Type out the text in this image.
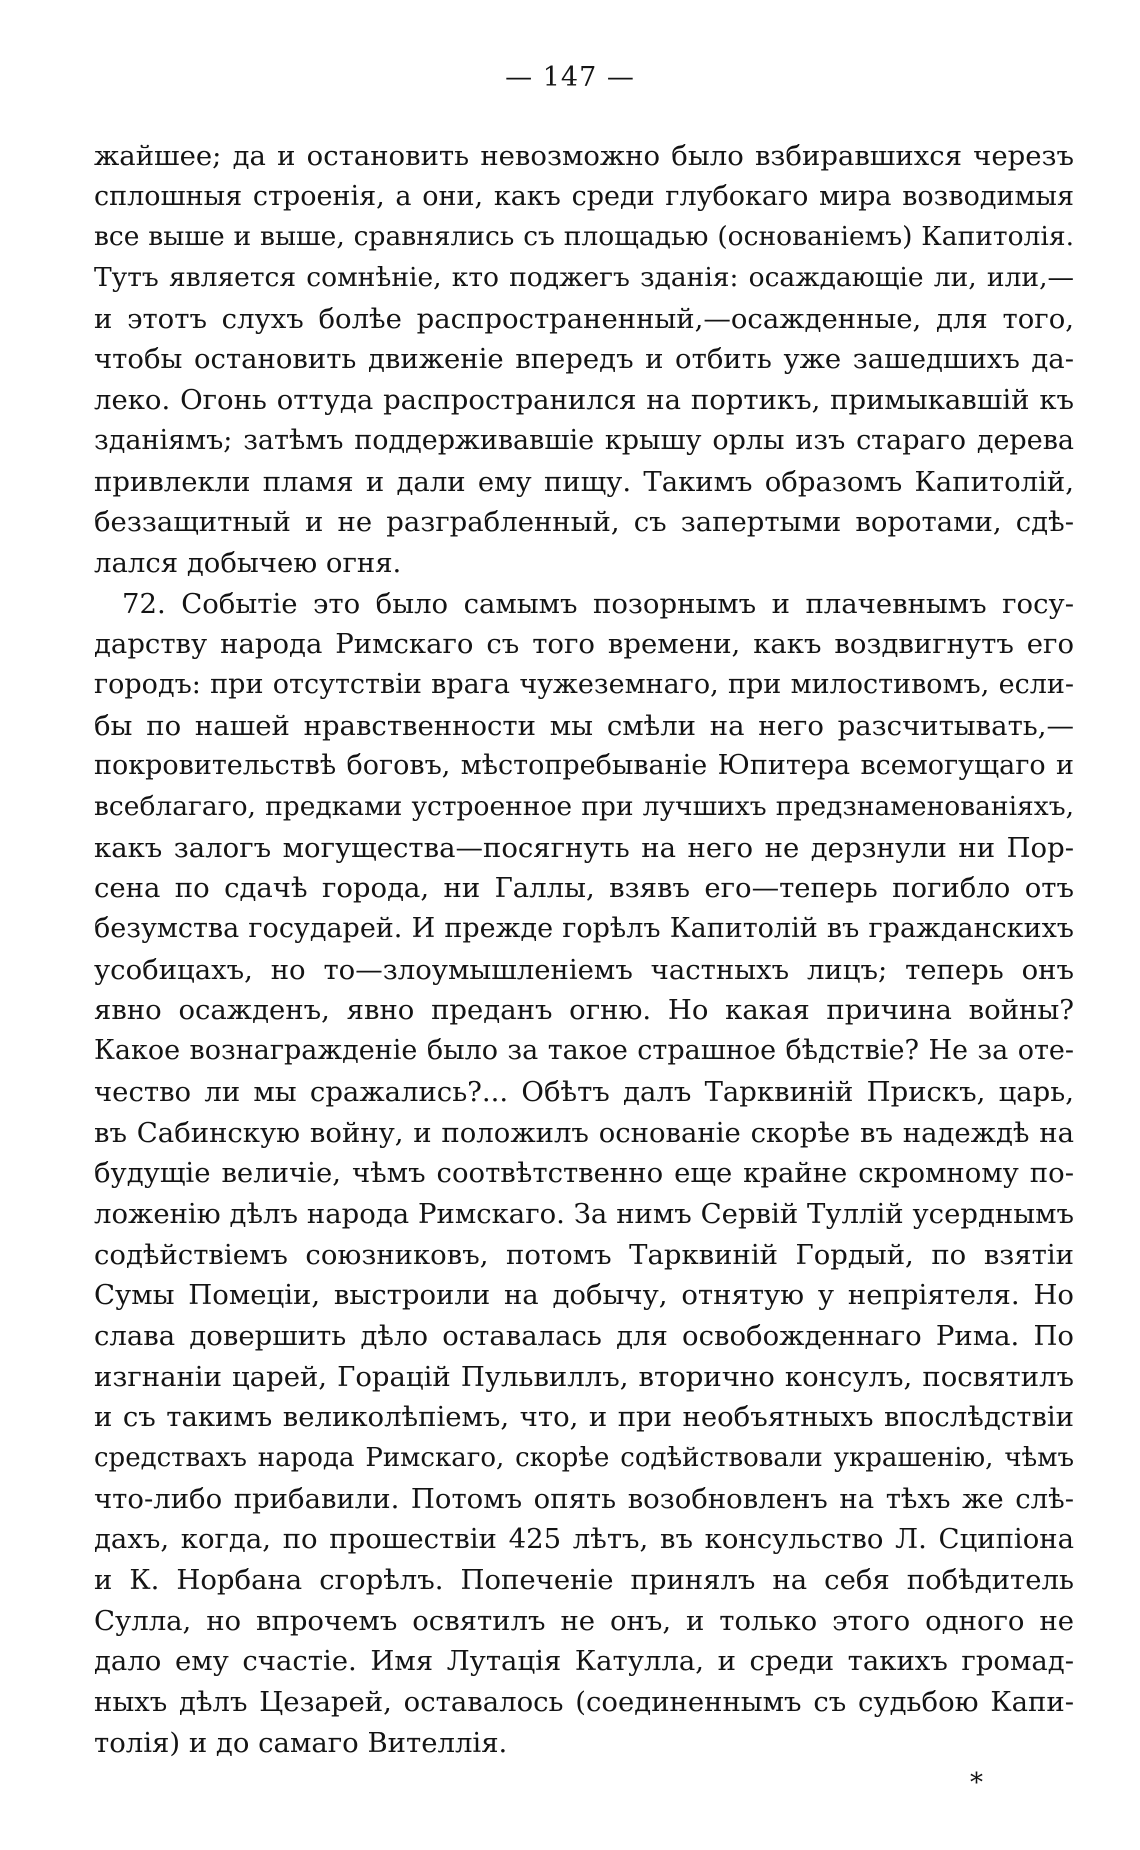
— 147 —
жайшее; да и остановить невозможно было взбиравшихся черезъ
сплошныя строенія, а они, какъ среди глубокаго мира возводимыя
все выше и выше, сравнялись съ площадью (основаніемъ) Капитолія.
Тутъ является сомнѣніе, кто поджегъ зданія: осаждающіе ли, или,—
и этотъ слухъ болѣе распространенный,—осажденные, для того,
чтобы остановить движеніе впередъ и отбить уже зашедшихъ да-
леко. Огонь оттуда распространился на портикъ, примыкавшій къ
зданіямъ; затѣмъ поддерживавшіе крышу орлы изъ стараго дерева
привлекли пламя и дали ему пищу. Такимъ образомъ Капитолій,
беззащитный и не разграбленный, съ запертыми воротами, сдѣ-
лался добычею огня.
72. Событіе это было самымъ позорнымъ и плачевнымъ госу-
дарству народа Римскаго съ того времени, какъ воздвигнутъ его
городъ: при отсутствіи врага чужеземнаго, при милостивомъ, если-
бы по нашей нравственности мы смѣли на него разсчитывать,—
покровительствѣ боговъ, мѣстопребываніе Юпитера всемогущаго и
всеблагаго, предками устроенное при лучшихъ предзнаменованіяхъ,
какъ залогъ могущества—посягнуть на него не дерзнули ни Пор-
сена по сдачѣ города, ни Галлы, взявъ его—теперь погибло отъ
безумства государей. И прежде горѣлъ Капитолій въ гражданскихъ
усобицахъ, но то—злоумышленіемъ частныхъ лицъ; теперь онъ
явно осажденъ, явно преданъ огню. Но какая причина войны?
Какое вознагражденіе было за такое страшное бѣдствіе? Не за оте-
чество ли мы сражались?... Обѣтъ далъ Тарквиній Прискъ, царь,
въ Сабинскую войну, и положилъ основаніе скорѣе въ надеждѣ на
будущіе величіе, чѣмъ соотвѣтственно еще крайне скромному по-
ложенію дѣлъ народа Римскаго. За нимъ Сервій Туллій усерднымъ
содѣйствіемъ союзниковъ, потомъ Тарквиній Гордый, по взятіи
Сумы Помеціи, выстроили на добычу, отнятую у непріятеля. Но
слава довершить дѣло оставалась для освобожденнаго Рима. По
изгнаніи царей, Горацій Пульвиллъ, вторично консулъ, посвятилъ
и съ такимъ великолѣпіемъ, что, и при необъятныхъ впослѣдствіи
средствахъ народа Римскаго, скорѣе содѣйствовали украшенію, чѣмъ
что-либо прибавили. Потомъ опять возобновленъ на тѣхъ же слѣ-
дахъ, когда, по прошествіи 425 лѣтъ, въ консульство Л. Сципіона
и К. Норбана сгорѣлъ. Попеченіе принялъ на себя побѣдитель
Сулла, но впрочемъ освятилъ не онъ, и только этого одного не
дало ему счастіе. Имя Лутація Катулла, и среди такихъ громад-
ныхъ дѣлъ Цезарей, оставалось (соединеннымъ съ судьбою Капи-
толія) и до самаго Вителлія.
*
